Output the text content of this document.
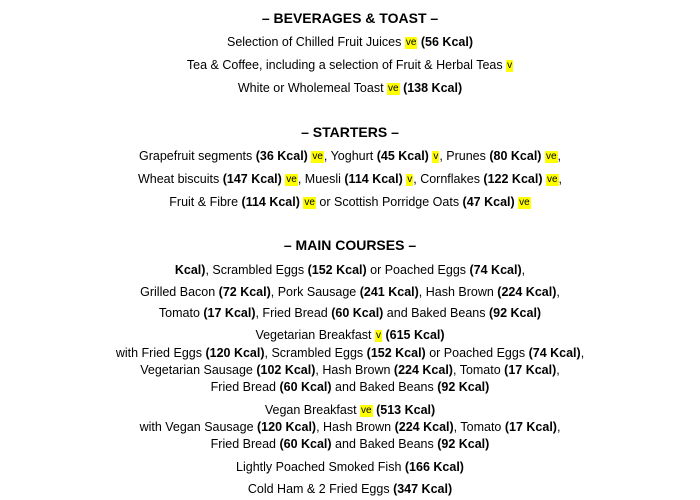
– BEVERAGES & TOAST –
Selection of Chilled Fruit Juices ve (56 Kcal)
Tea & Coffee, including a selection of Fruit & Herbal Teas v
White or Wholemeal Toast ve (138 Kcal)
– STARTERS –
Grapefruit segments (36 Kcal) ve, Yoghurt (45 Kcal) v, Prunes (80 Kcal) ve,
Wheat biscuits (147 Kcal) ve, Muesli (114 Kcal) v, Cornflakes (122 Kcal) ve,
Fruit & Fibre (114 Kcal) ve or Scottish Porridge Oats (47 Kcal) ve
– MAIN COURSES –
Kcal), Scrambled Eggs (152 Kcal) or Poached Eggs (74 Kcal),
Grilled Bacon (72 Kcal), Pork Sausage (241 Kcal), Hash Brown (224 Kcal),
Tomato (17 Kcal), Fried Bread (60 Kcal) and Baked Beans (92 Kcal)
Vegetarian Breakfast v (615 Kcal)
with Fried Eggs (120 Kcal), Scrambled Eggs (152 Kcal) or Poached Eggs (74 Kcal),
Vegetarian Sausage (102 Kcal), Hash Brown (224 Kcal), Tomato (17 Kcal),
Fried Bread (60 Kcal) and Baked Beans (92 Kcal)
Vegan Breakfast ve (513 Kcal)
with Vegan Sausage (120 Kcal), Hash Brown (224 Kcal), Tomato (17 Kcal),
Fried Bread (60 Kcal) and Baked Beans (92 Kcal)
Lightly Poached Smoked Fish (166 Kcal)
Cold Ham & 2 Fried Eggs (347 Kcal)
